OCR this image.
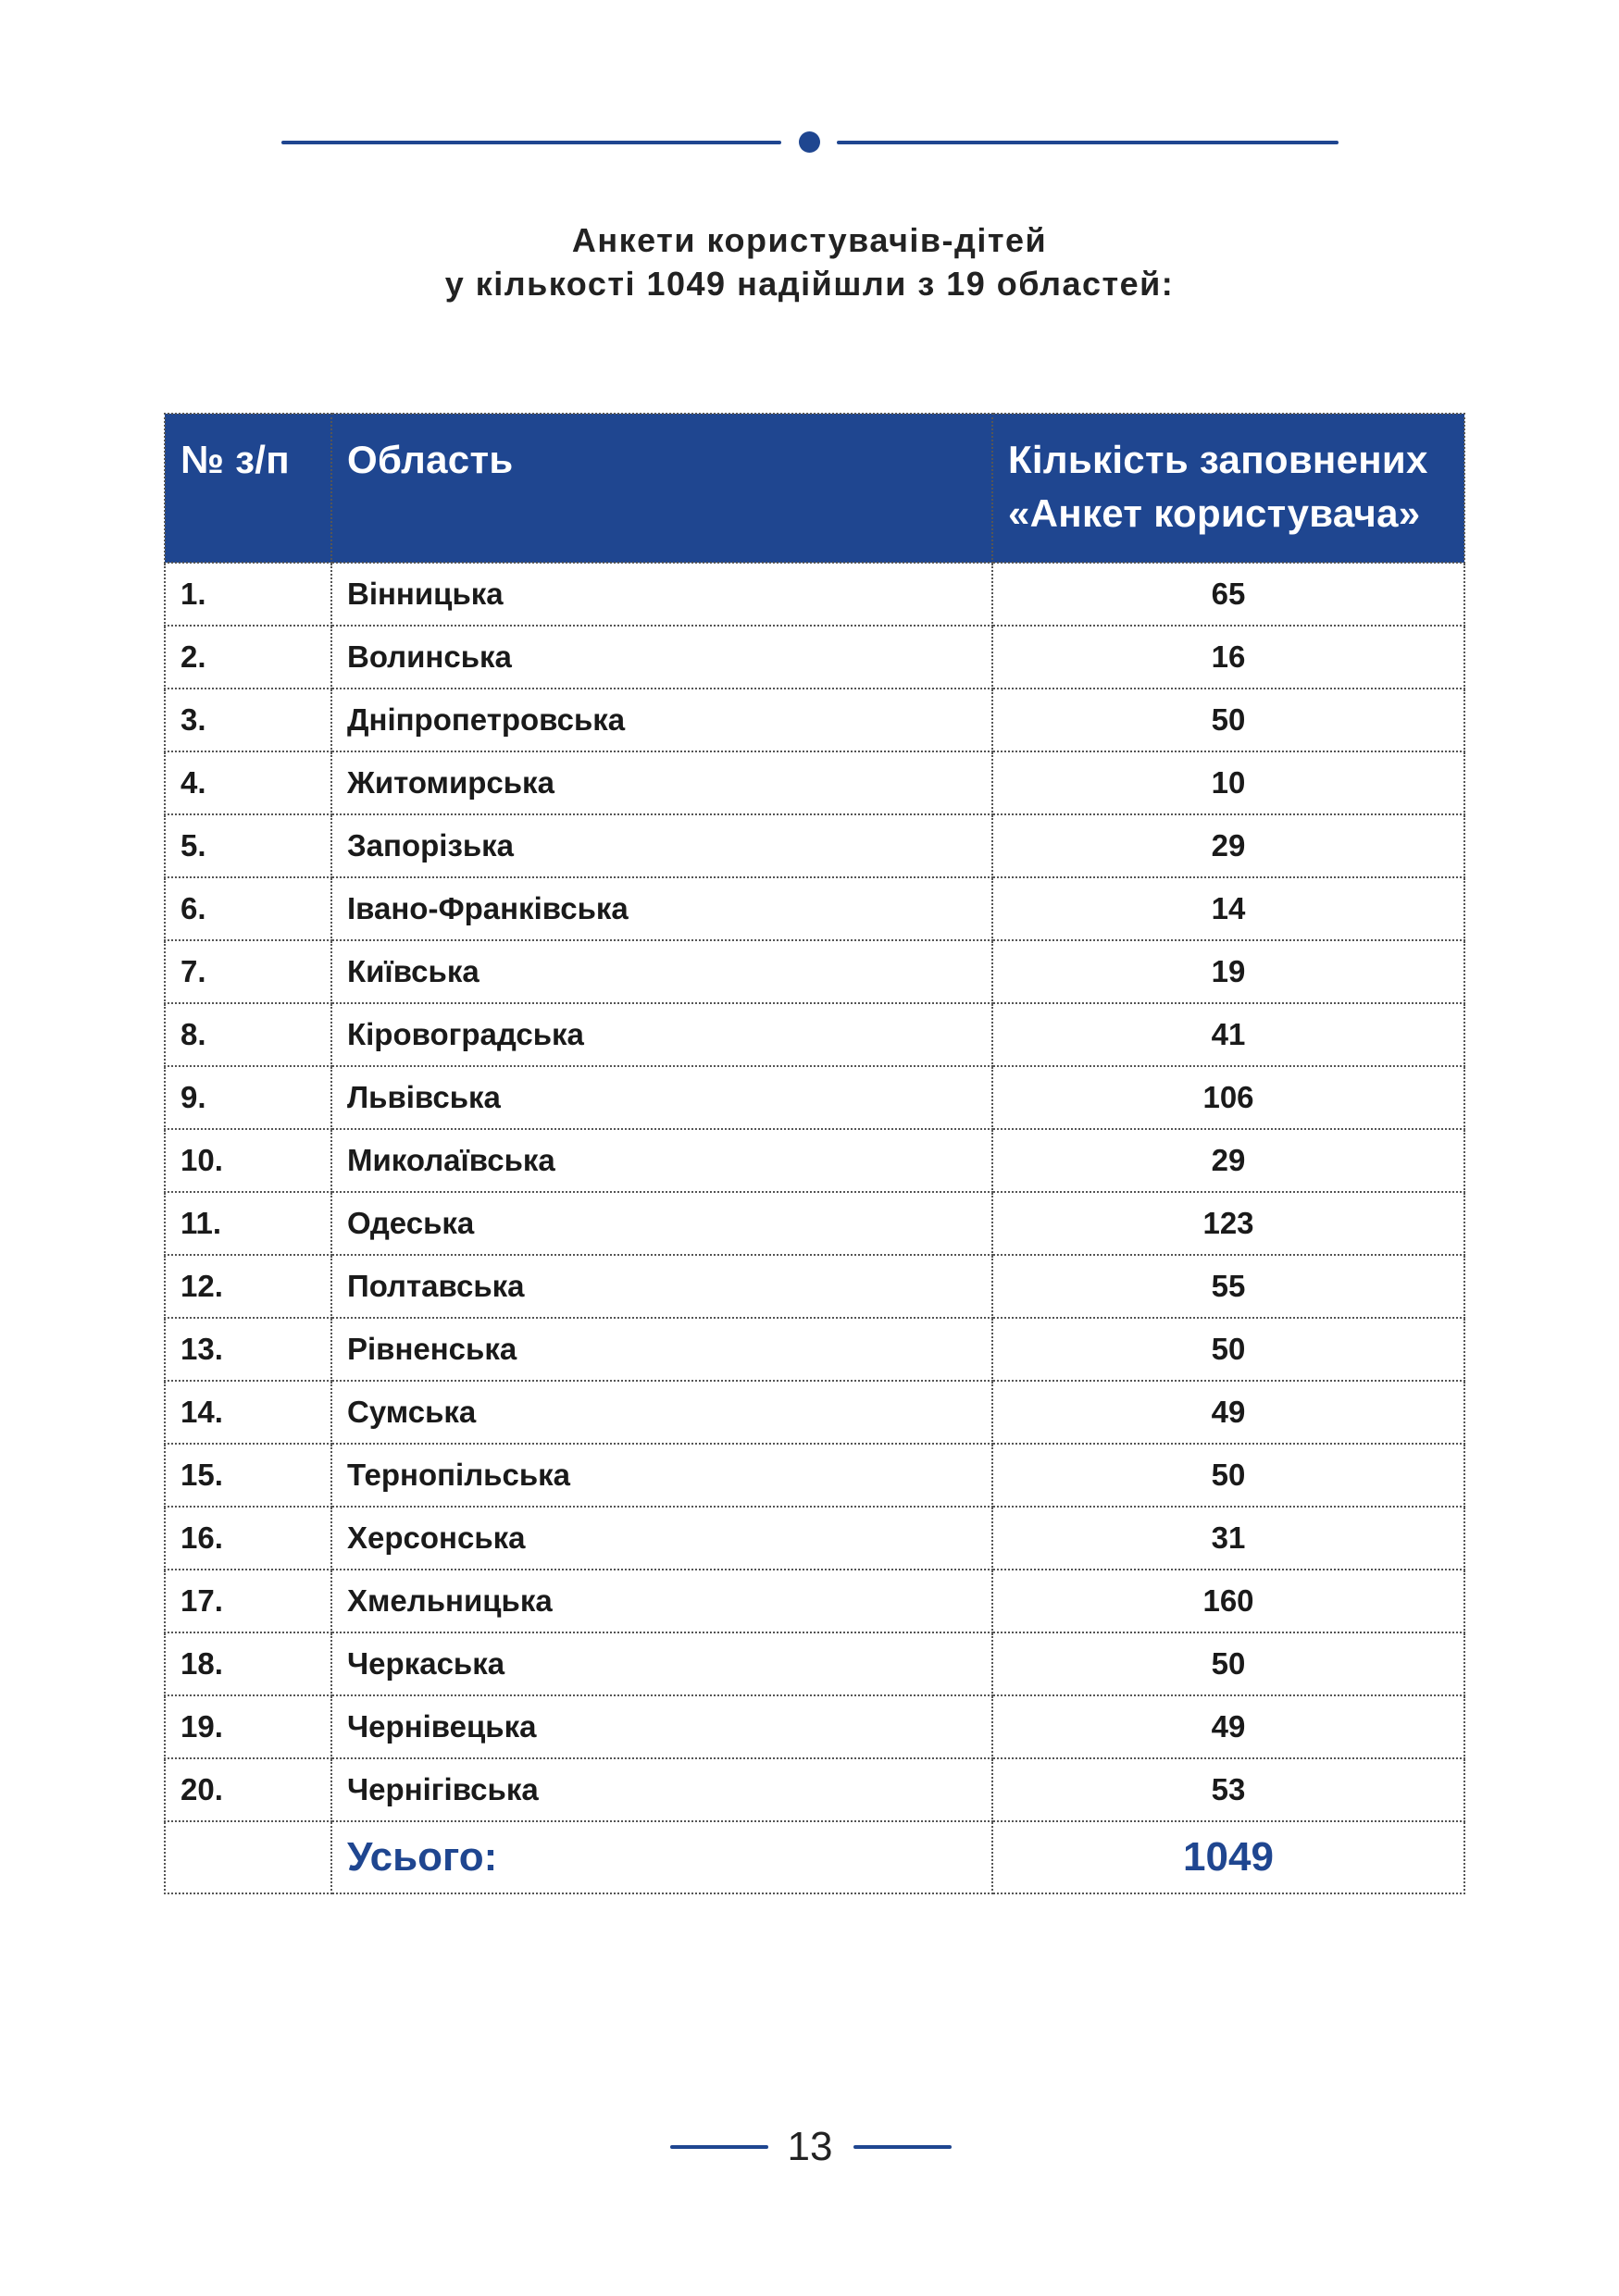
Анкети користувачів-дітей
у кількості 1049 надійшли з 19 областей:
№ з/п	Область	Кількість заповнених
«Анкет користувача»

1.	Вінницька	65
2.	Волинська	16
3.	Дніпропетровська	50
4.	Житомирська	10
5.	Запорізька	29
6.	Івано-Франківська	14
7.	Київська	19
8.	Кіровоградська	41
9.	Львівська	106
10.	Миколаївська	29
11.	Одеська	123
12.	Полтавська	55
13.	Рівненська	50
14.	Сумська	49
15.	Тернопільська	50
16.	Херсонська	31
17.	Хмельницька	160
18.	Черкаська	50
19.	Чернівецька	49
20.	Чернігівська	53
	Усього:	1049
13
